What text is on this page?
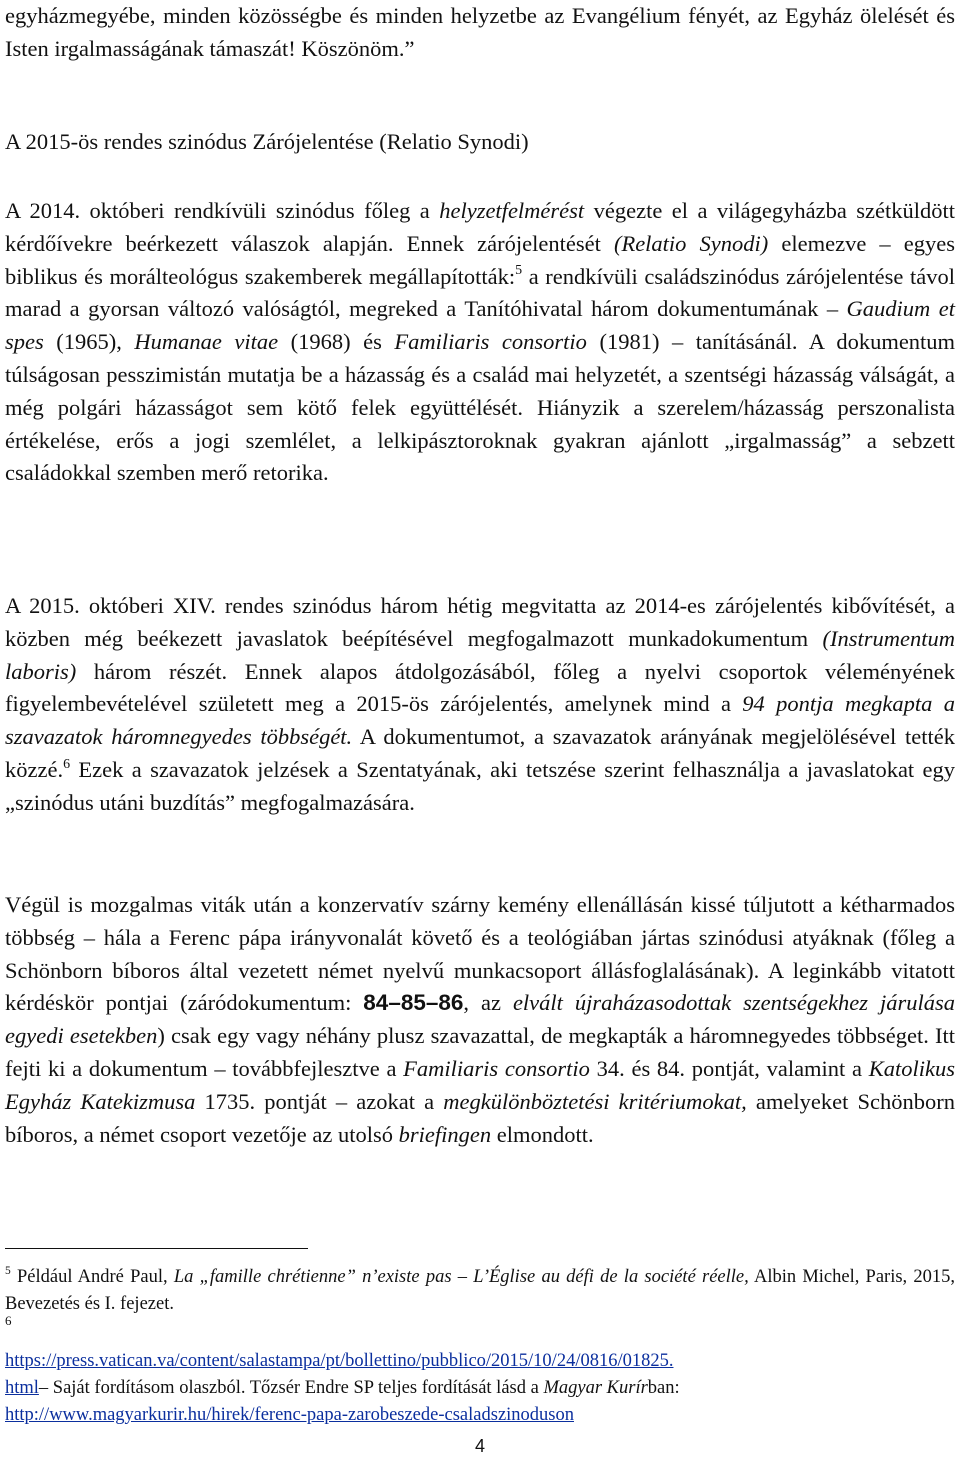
egyházmegyébe, minden közösségbe és minden helyzetbe az Evangélium fényét, az Egyház ölelését és Isten irgalmasságának támaszát! Köszönöm.”
A 2015-ös rendes szinódus Zárójelentése (Relatio Synodi)
A 2014. októberi rendkívüli szinódus főleg a helyzetfelmérést végezte el a világegyházba szétküldött kérdőívekre beérkezett válaszok alapján. Ennek zárójelentését (Relatio Synodi) elemezve – egyes biblikus és morálteológus szakemberek megállapították:$^5$ a rendkívüli családszinódus zárójelentése távol marad a gyorsan változó valóságtól, megreked a Tanítóhivatal három dokumentumának – Gaudium et spes (1965), Humanae vitae (1968) és Familiaris consortio (1981) – tanításánál. A dokumentum túlságosan pesszimistán mutatja be a házasság és a család mai helyzetét, a szentségi házasság válságát, a még polgári házasságot sem kötő felek együttélését. Hiányzik a szerelem/házasság perszonalista értékelése, erős a jogi szemlélet, a lelkipásztoroknak gyakran ajánlott „irgalmasság” a sebzett családokkal szemben merő retorika.
A 2015. októberi XIV. rendes szinódus három hétig megvitatta az 2014-es zárójelentés kibővítését, a közben még beékezett javaslatok beépítésével megfogalmazott munkadokumentum (Instrumentum laboris) három részét. Ennek alapos átdolgozásából, főleg a nyelvi csoportok véleményének figyelembevételével született meg a 2015-ös zárójelentés, amelynek mind a 94 pontja megkapta a szavazatok háromnegyedes többségét. A dokumentumot, a szavazatok arányának megjelölésével tették közzé.$^6$ Ezek a szavazatok jelzések a Szentatyának, aki tetszése szerint felhasználja a javaslatokat egy „szinódus utáni buzdítás” megfogalmazására.
Végül is mozgalmas viták után a konzervatív szárny kemény ellenállásán kissé túljutott a kétharmados többség – hála a Ferenc pápa irányvonalát követő és a teológiában jártas szinódusi atyáknak (főleg a Schönborn bíboros által vezetett német nyelvű munkacsoport állásfoglalásának). A leginkább vitatott kérdéskör pontjai (záródokumentum: 84–85–86, az elvált újraházasodottak szentségekhez járulása egyedi esetekben) csak egy vagy néhány plusz szavazattal, de megkapták a háromnegyedes többséget. Itt fejti ki a dokumentum – továbbfejlesztve a Familiaris consortio 34. és 84. pontját, valamint a Katolikus Egyház Katekizmusa 1735. pontját – azokat a megkülönböztetési kritériumokat, amelyeket Schönborn bíboros, a német csoport vezetője az utolsó briefingen elmondott.
$^5$ Például André Paul, La „famille chrétienne” n’existe pas – L’Église au défi de la société réelle, Albin Michel, Paris, 2015, Bevezetés és I. fejezet.
6
https://press.vatican.va/content/salastampa/pt/bollettino/pubblico/2015/10/24/0816/01825.
html– Saját fordításom olaszból. Tőzsér Endre SP teljes fordítását lásd a Magyar Kurírban:
http://www.magyarkurir.hu/hirek/ferenc-papa-zarobeszede-csaladszinoduson
4
